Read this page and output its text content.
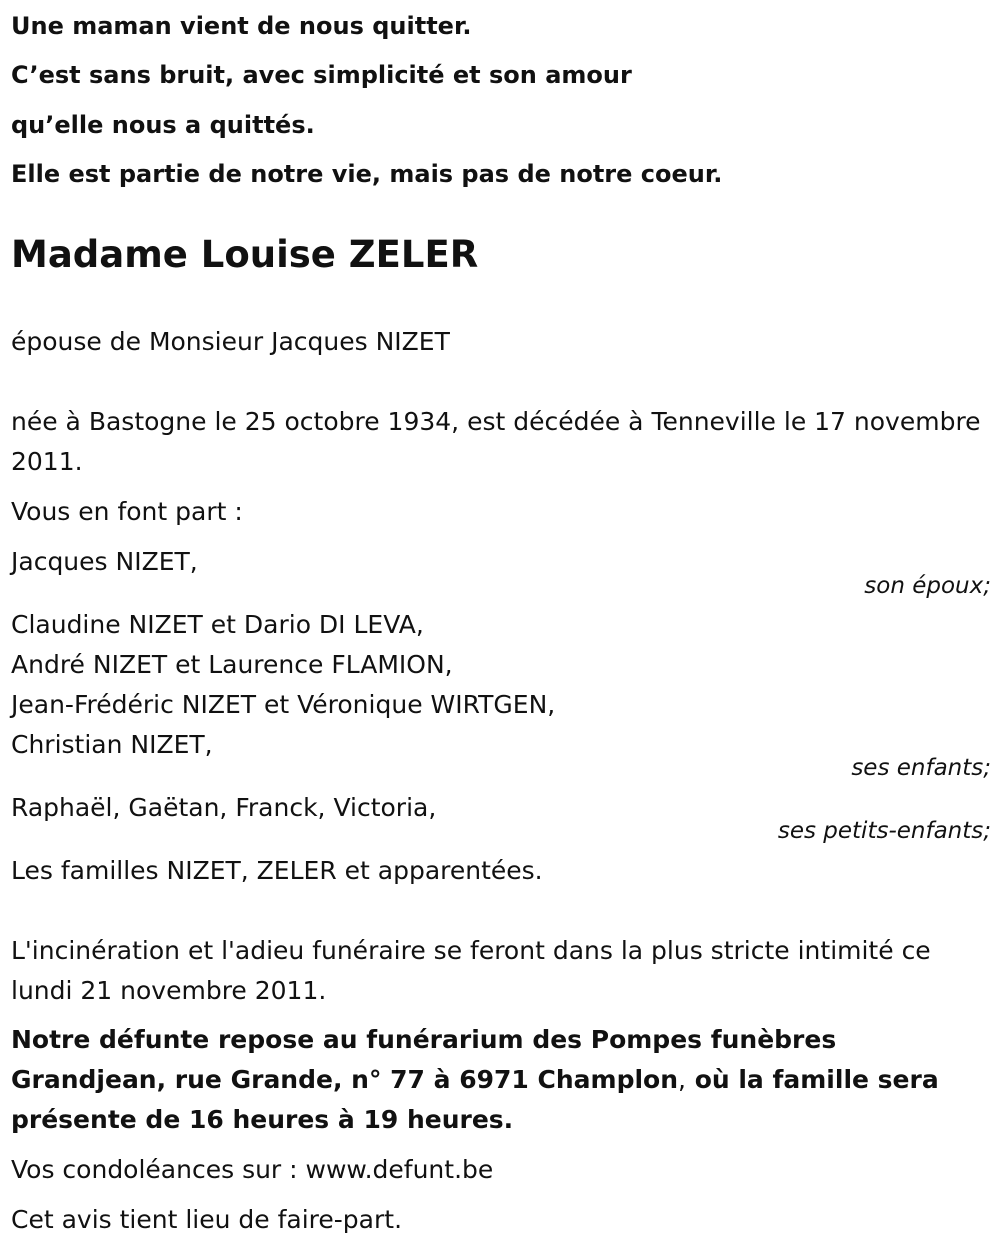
Une maman vient de nous quitter.
C’est sans bruit, avec simplicité et son amour
qu’elle nous a quittés.
Elle est partie de notre vie, mais pas de notre coeur.
Madame Louise ZELER
épouse de Monsieur Jacques NIZET
née à Bastogne le 25 octobre 1934, est décédée à Tenneville le 17 novembre 2011.
Vous en font part :
Jacques NIZET,
son époux;
Claudine NIZET et Dario DI LEVA,
André NIZET et Laurence FLAMION,
Jean-Frédéric NIZET et Véronique WIRTGEN,
Christian NIZET,
ses enfants;
Raphaël, Gaëtan, Franck, Victoria,
ses petits-enfants;
Les familles NIZET, ZELER et apparentées.
L'incinération et l'adieu funéraire se feront dans la plus stricte intimité ce lundi 21 novembre 2011.
Notre défunte repose au funérarium des Pompes funèbres Grandjean, rue Grande, n° 77 à 6971 Champlon, où la famille sera présente de 16 heures à 19 heures.
Vos condoléances sur : www.defunt.be
Cet avis tient lieu de faire-part.
